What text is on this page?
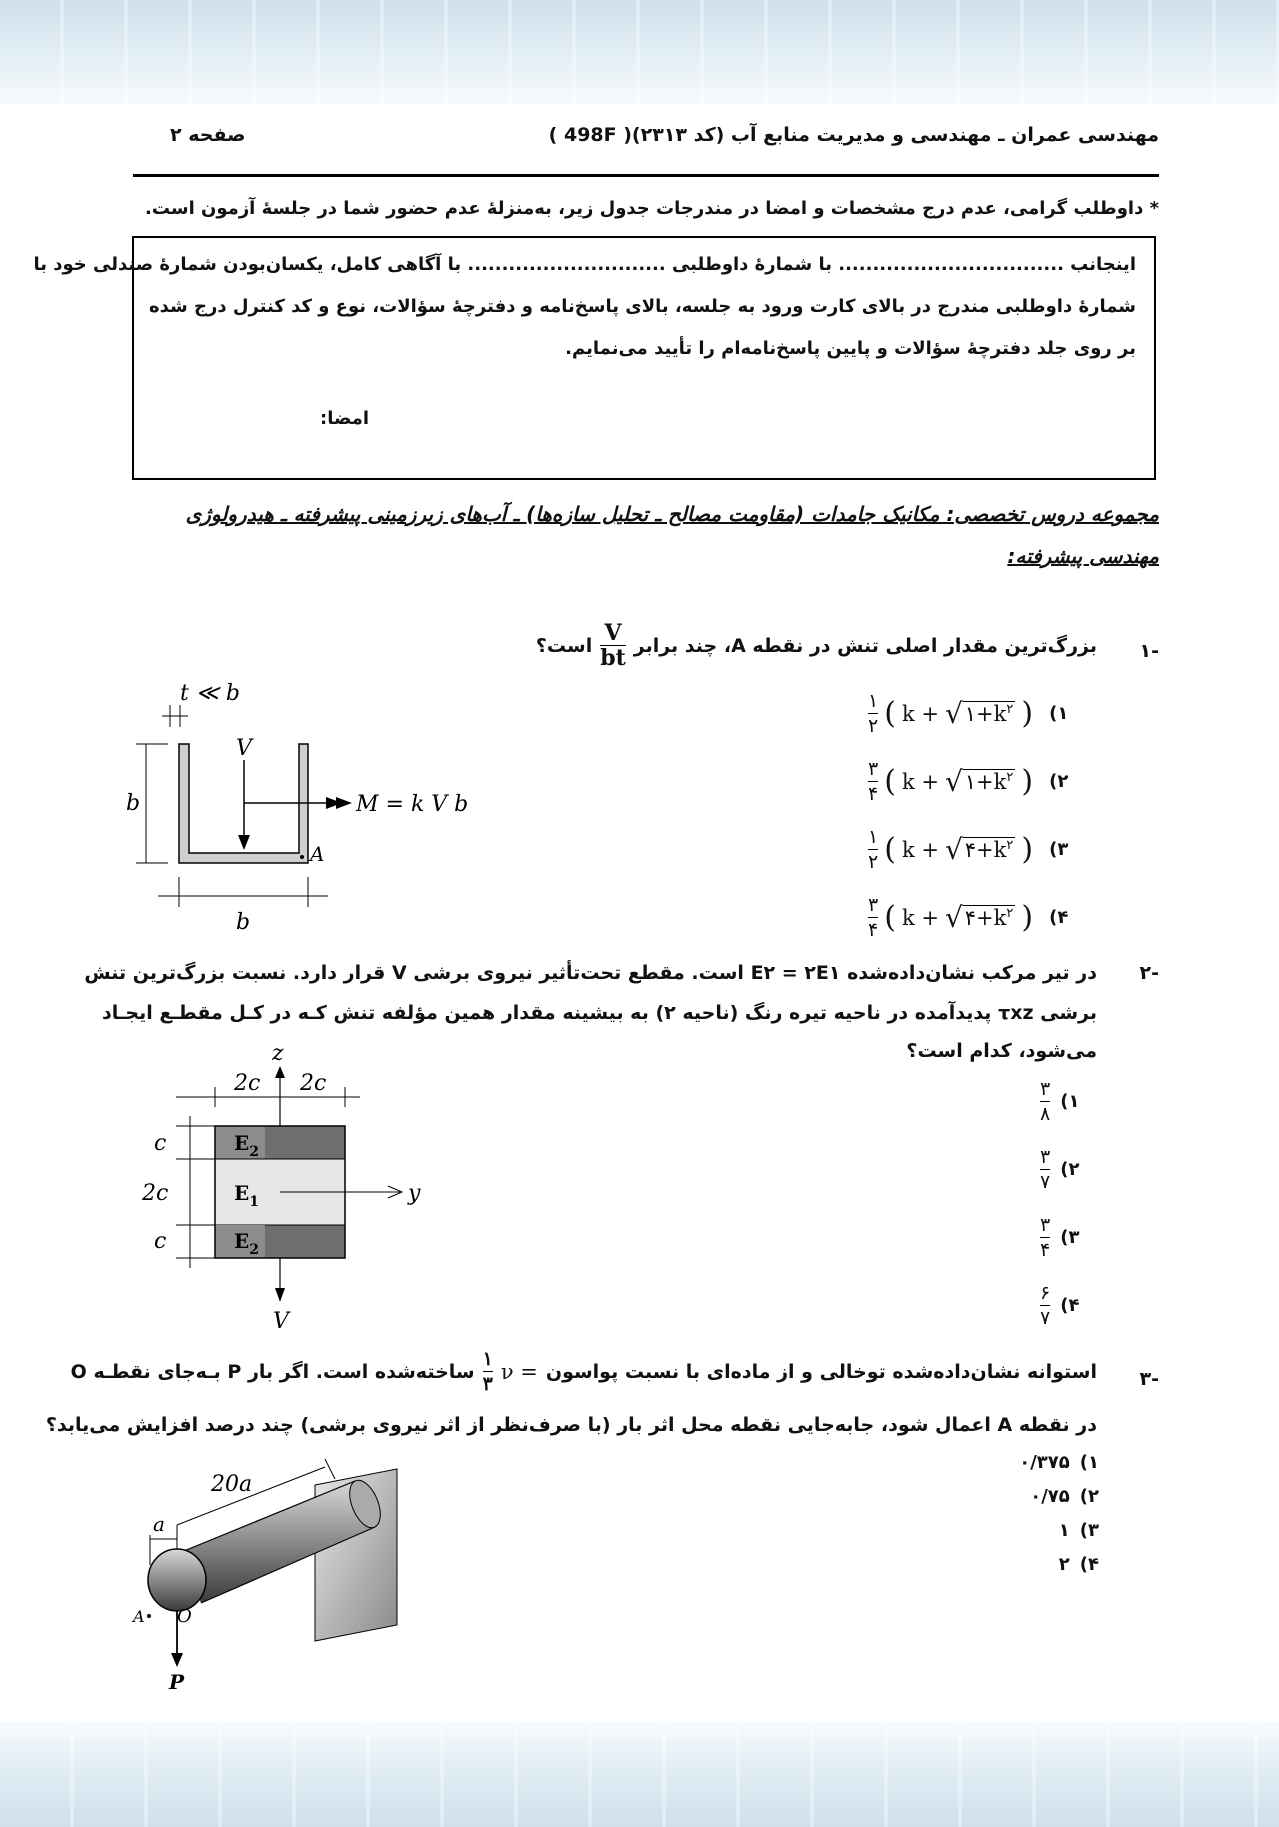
مهندسی عمران ـ مهندسی و مدیریت منابع آب (کد ۲۳۱۳)( 498F )
صفحه ۲
* داوطلب گرامی، عدم درج مشخصات و امضا در مندرجات جدول زیر، به‌منزلهٔ عدم حضور شما در جلسهٔ آزمون است.
اینجانب ................................. با شمارهٔ داوطلبی ............................. با آگاهی کامل، یکسان‌بودن شمارهٔ صندلی خود با
شمارهٔ داوطلبی مندرج در بالای کارت ورود به جلسه، بالای پاسخ‌نامه و دفترچهٔ سؤالات، نوع و کد کنترل درج شده
بر روی جلد دفترچهٔ سؤالات و پایین پاسخ‌نامه‌ام را تأیید می‌نمایم.
امضا:
مجموعه دروس تخصصی: مکانیک جامدات (مقاومت مصالح ـ تحلیل سازه‌ها) ـ آب‌های زیرزمینی پیشرفته ـ هیدرولوژی
مهندسی پیشرفته:
۱-
بزرگ‌ترین مقدار اصلی تنش در نقطه A، چند برابر
$\frac{V}{bt}$
است؟
$\frac{۱}{۲}$ ( k + √ $۱+k^۲$ ) ۱)
$\frac{۳}{۴}$ ( k + √ $۱+k^۲$ ) ۲)
$\frac{۱}{۲}$ ( k + √ $۴+k^۲$ ) ۳)
$\frac{۳}{۴}$ ( k + √ $۴+k^۲$ ) ۴)
t ≪ b
b
V
M = k V b
A
b
۲-
در تیر مرکب نشان‌داده‌شده E۲ = ۲E۱ است. مقطع تحت‌تأثیر نیروی برشی V قرار دارد. نسبت بزرگ‌ترین تنش
برشی τxz پدیدآمده در ناحیه تیره رنگ (ناحیه ۲) به بیشینه مقدار همین مؤلفه تنش کـه در کـل مقطـع ایجـاد
می‌شود، کدام است؟
$\frac{۳}{۸}$ ۱)
$\frac{۳}{۷}$ ۲)
$\frac{۳}{۴}$ ۳)
$\frac{۶}{۷}$ ۴)
z
V
2c 2c
$E_2$
$E_1$
$E_2$
y
c
2c
c
۳-
استوانه نشان‌داده‌شده توخالی و از ماده‌ای با نسبت پواسون
ν =
$\frac{۱}{۳}$
ساخته‌شده است. اگر بار P بـه‌جای نقطـه O
در نقطه A اعمال شود، جابه‌جایی نقطه محل اثر بار (با صرف‌نظر از اثر نیروی برشی) چند درصد افزایش می‌یابد؟
۱)
۰/۳۷۵
۲)
۰/۷۵
۳)
۱
۴)
۲
a
20a
A O
P
